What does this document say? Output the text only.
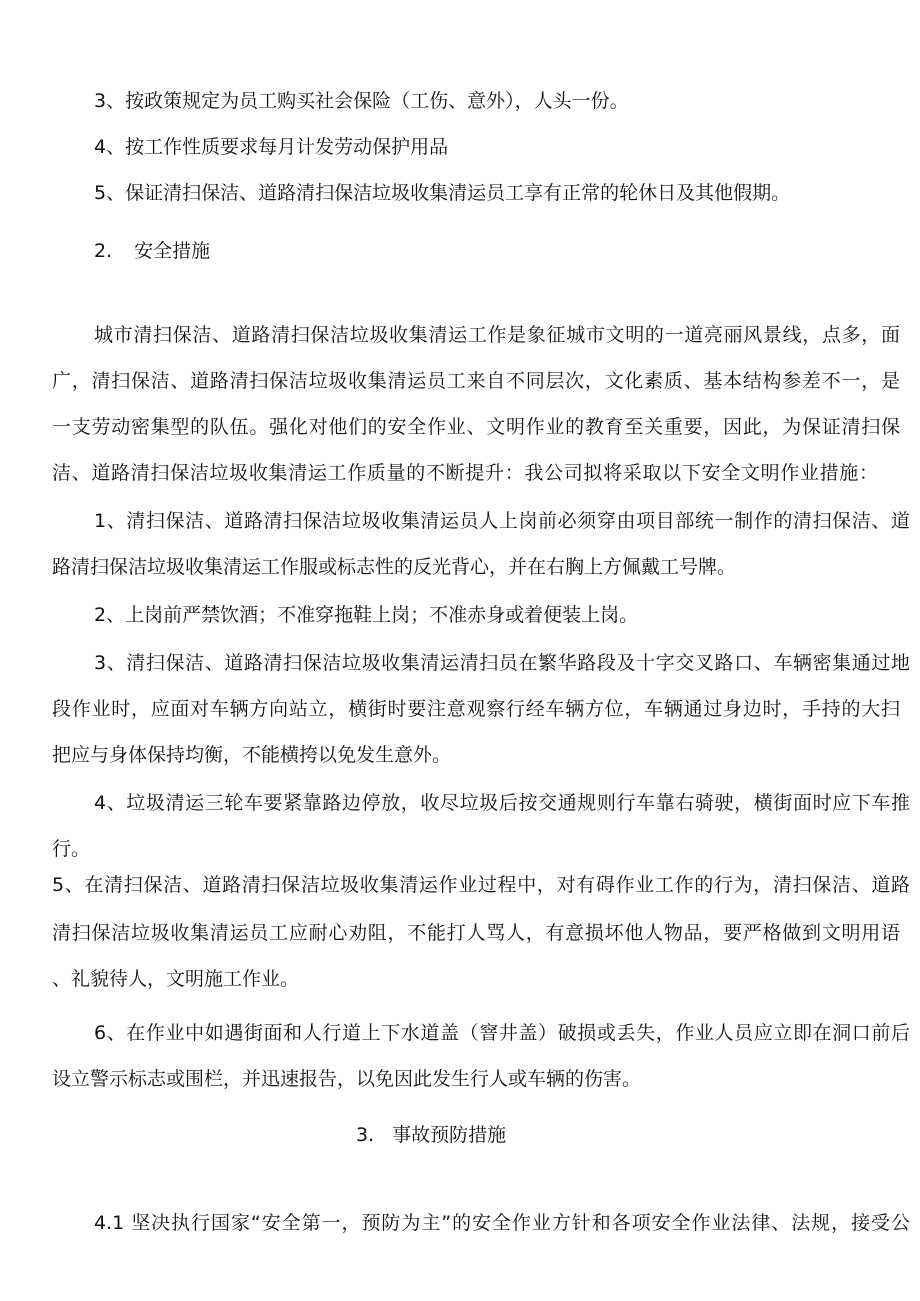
3、按政策规定为员工购买社会保险（工伤、意外），人头一份。

4、按工作性质要求每月计发劳动保护用品

5、保证清扫保洁、道路清扫保洁垃圾收集清运员工享有正常的轮休日及其他假期。

2. 安全措施

城市清扫保洁、道路清扫保洁垃圾收集清运工作是象征城市文明的一道亮丽风景线，点多，面

广，清扫保洁、道路清扫保洁垃圾收集清运员工来自不同层次，文化素质、基本结构参差不一，是

一支劳动密集型的队伍。强化对他们的安全作业、文明作业的教育至关重要，因此，为保证清扫保

洁、道路清扫保洁垃圾收集清运工作质量的不断提升：我公司拟将采取以下安全文明作业措施：

1、清扫保洁、道路清扫保洁垃圾收集清运员人上岗前必须穿由项目部统一制作的清扫保洁、道

路清扫保洁垃圾收集清运工作服或标志性的反光背心，并在右胸上方佩戴工号牌。

2、上岗前严禁饮酒；不准穿拖鞋上岗；不准赤身或着便装上岗。

3、清扫保洁、道路清扫保洁垃圾收集清运清扫员在繁华路段及十字交叉路口、车辆密集通过地

段作业时，应面对车辆方向站立，横街时要注意观察行经车辆方位，车辆通过身边时，手持的大扫

把应与身体保持均衡，不能横挎以免发生意外。

4、垃圾清运三轮车要紧靠路边停放，收尽垃圾后按交通规则行车靠右骑驶，横街面时应下车推

行。

5、在清扫保洁、道路清扫保洁垃圾收集清运作业过程中，对有碍作业工作的行为，清扫保洁、道路

清扫保洁垃圾收集清运员工应耐心劝阻，不能打人骂人，有意损坏他人物品，要严格做到文明用语

、礼貌待人，文明施工作业。

6、在作业中如遇街面和人行道上下水道盖（窨井盖）破损或丢失，作业人员应立即在洞口前后

设立警示标志或围栏，并迅速报告，以免因此发生行人或车辆的伤害。

3. 事故预防措施

4.1 坚决执行国家“安全第一，预防为主”的安全作业方针和各项安全作业法律、法规，接受公
